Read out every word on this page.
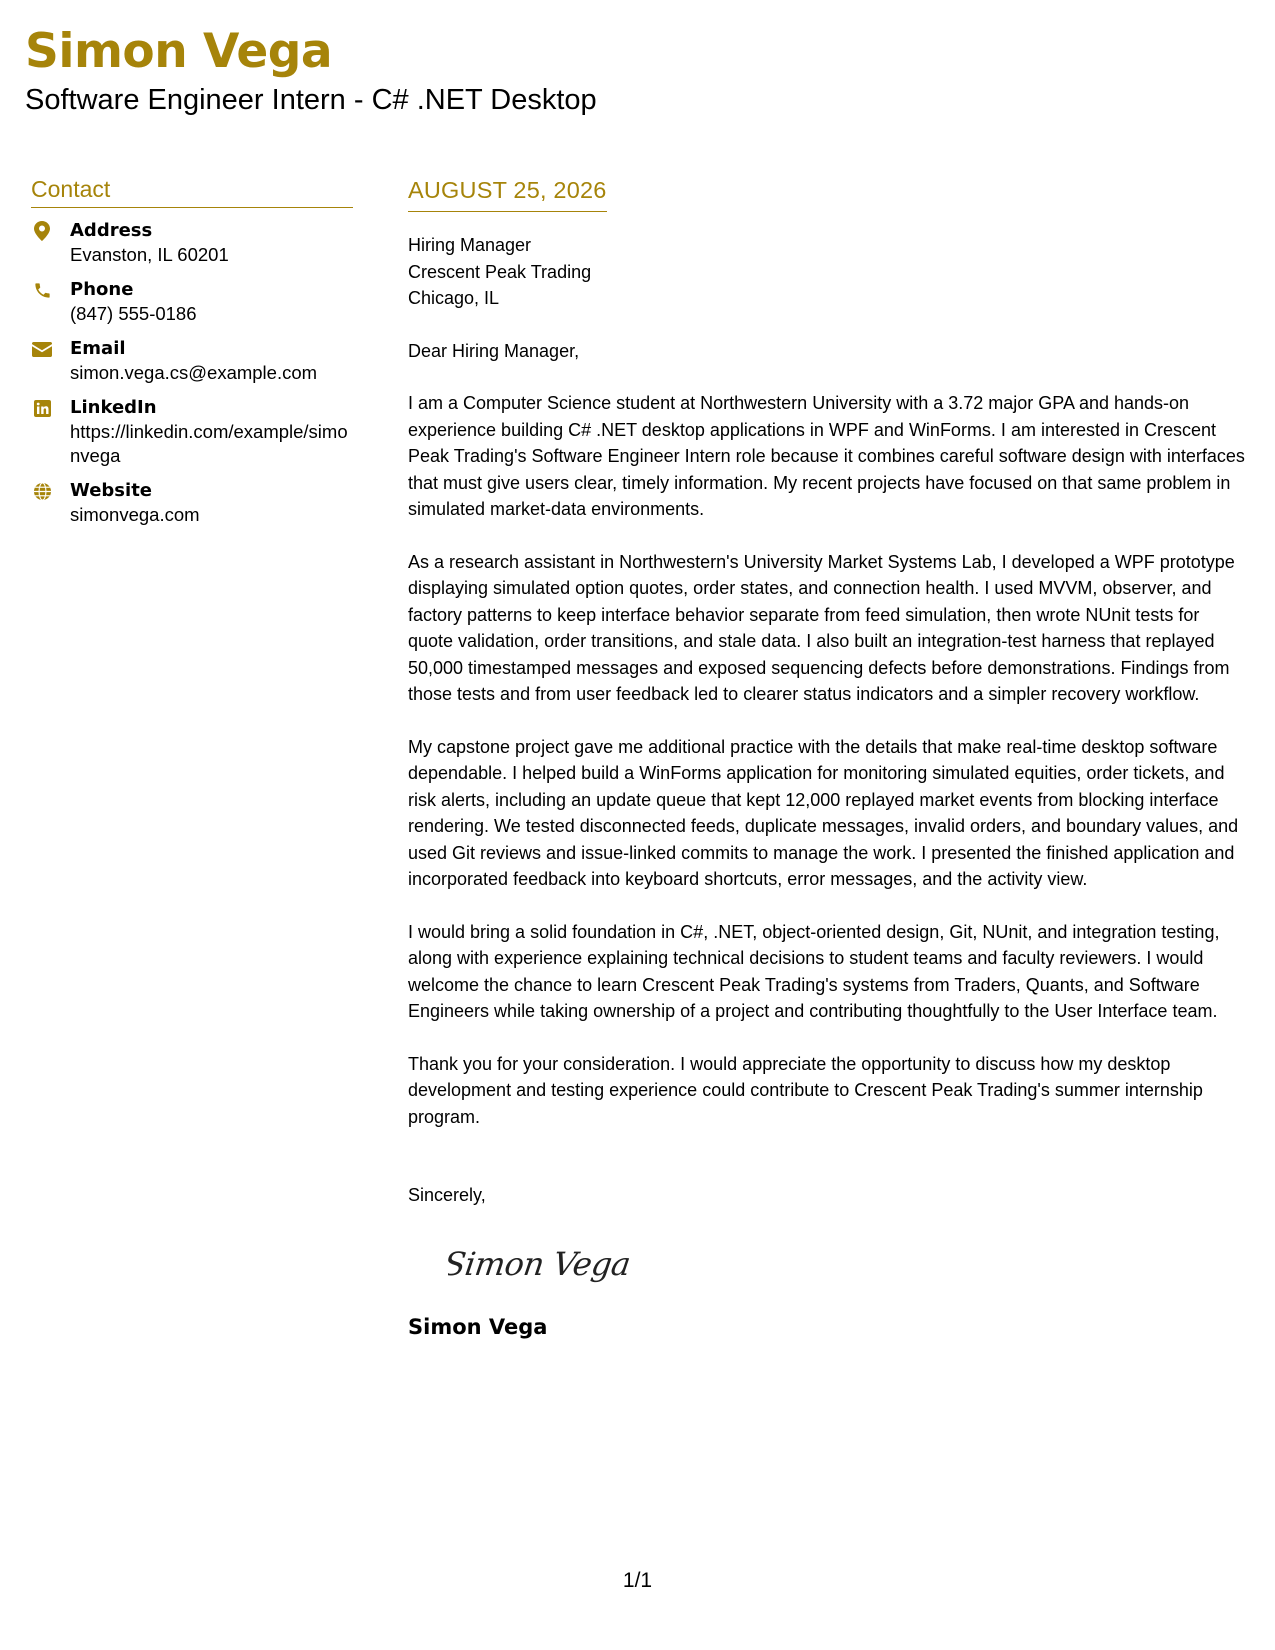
Simon Vega
Software Engineer Intern - C# .NET Desktop
Contact
Address
Evanston, IL 60201
Phone
(847) 555-0186
Email
simon.vega.cs@example.com
LinkedIn
https://linkedin.com/example/simonvega
Website
simonvega.com
AUGUST 25, 2026
Hiring Manager
Crescent Peak Trading
Chicago, IL
Dear Hiring Manager,

I am a Computer Science student at Northwestern University with a 3.72 major GPA and hands-on experience building C# .NET desktop applications in WPF and WinForms. I am interested in Crescent Peak Trading's Software Engineer Intern role because it combines careful software design with interfaces that must give users clear, timely information. My recent projects have focused on that same problem in simulated market-data environments.

As a research assistant in Northwestern's University Market Systems Lab, I developed a WPF prototype displaying simulated option quotes, order states, and connection health. I used MVVM, observer, and factory patterns to keep interface behavior separate from feed simulation, then wrote NUnit tests for quote validation, order transitions, and stale data. I also built an integration-test harness that replayed 50,000 timestamped messages and exposed sequencing defects before demonstrations. Findings from those tests and from user feedback led to clearer status indicators and a simpler recovery workflow.

My capstone project gave me additional practice with the details that make real-time desktop software dependable. I helped build a WinForms application for monitoring simulated equities, order tickets, and risk alerts, including an update queue that kept 12,000 replayed market events from blocking interface rendering. We tested disconnected feeds, duplicate messages, invalid orders, and boundary values, and used Git reviews and issue-linked commits to manage the work. I presented the finished application and incorporated feedback into keyboard shortcuts, error messages, and the activity view.

I would bring a solid foundation in C#, .NET, object-oriented design, Git, NUnit, and integration testing, along with experience explaining technical decisions to student teams and faculty reviewers. I would welcome the chance to learn Crescent Peak Trading's systems from Traders, Quants, and Software Engineers while taking ownership of a project and contributing thoughtfully to the User Interface team.

Thank you for your consideration. I would appreciate the opportunity to discuss how my desktop development and testing experience could contribute to Crescent Peak Trading's summer internship program.

Sincerely,
Simon Vega
Simon Vega
1/1
